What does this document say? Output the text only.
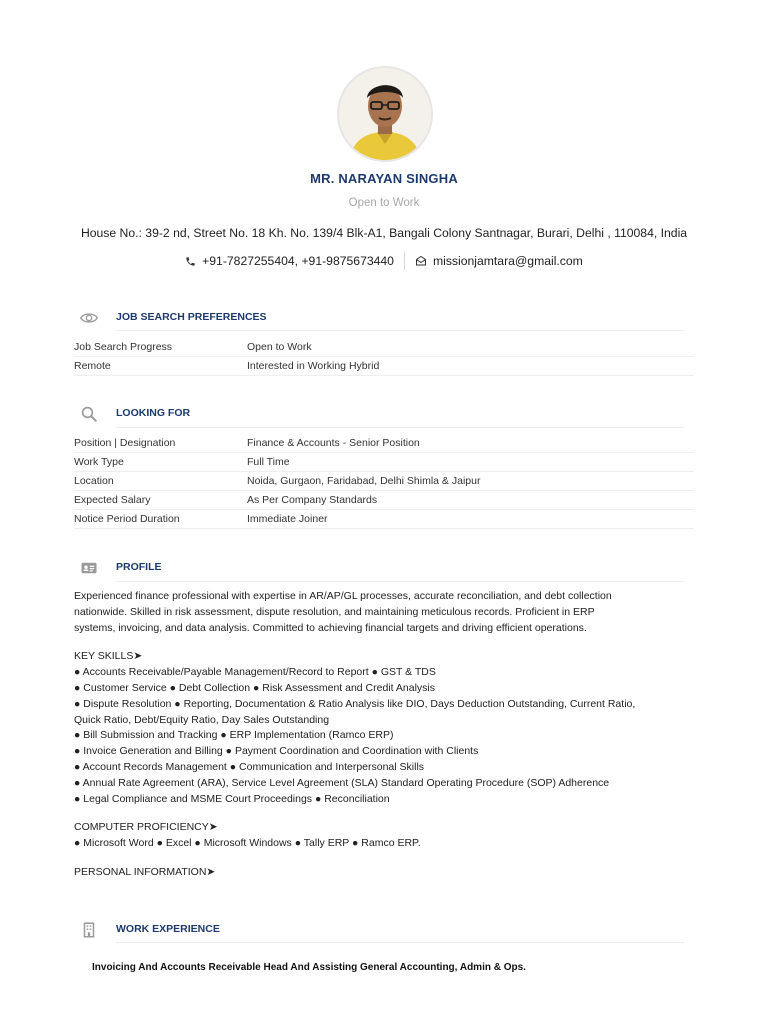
MR. NARAYAN SINGHA
Open to Work
House No.: 39-2 nd, Street No. 18 Kh. No. 139/4 Blk-A1, Bangali Colony Santnagar, Burari, Delhi , 110084, India
+91-7827255404, +91-9875673440	missionjamtara@gmail.com
JOB SEARCH PREFERENCES
Job Search Progress	Open to Work
Remote	Interested in Working Hybrid
LOOKING FOR
Position | Designation	Finance & Accounts - Senior Position
Work Type	Full Time
Location	Noida, Gurgaon, Faridabad, Delhi Shimla & Jaipur
Expected Salary	As Per Company Standards
Notice Period Duration	Immediate Joiner
PROFILE
Experienced finance professional with expertise in AR/AP/GL processes, accurate reconciliation, and debt collection
nationwide. Skilled in risk assessment, dispute resolution, and maintaining meticulous records. Proficient in ERP
systems, invoicing, and data analysis. Committed to achieving financial targets and driving efficient operations.
KEY SKILLS➤
● Accounts Receivable/Payable Management/Record to Report ● GST & TDS
● Customer Service ● Debt Collection ● Risk Assessment and Credit Analysis
● Dispute Resolution ● Reporting, Documentation & Ratio Analysis like DIO, Days Deduction Outstanding, Current Ratio,
Quick Ratio, Debt/Equity Ratio, Day Sales Outstanding
● Bill Submission and Tracking ● ERP Implementation (Ramco ERP)
● Invoice Generation and Billing ● Payment Coordination and Coordination with Clients
● Account Records Management ● Communication and Interpersonal Skills
● Annual Rate Agreement (ARA), Service Level Agreement (SLA) Standard Operating Procedure (SOP) Adherence
● Legal Compliance and MSME Court Proceedings ● Reconciliation
COMPUTER PROFICIENCY➤
● Microsoft Word ● Excel ● Microsoft Windows ● Tally ERP ● Ramco ERP.
PERSONAL INFORMATION➤
WORK EXPERIENCE
Invoicing And Accounts Receivable Head And Assisting General Accounting, Admin & Ops.
